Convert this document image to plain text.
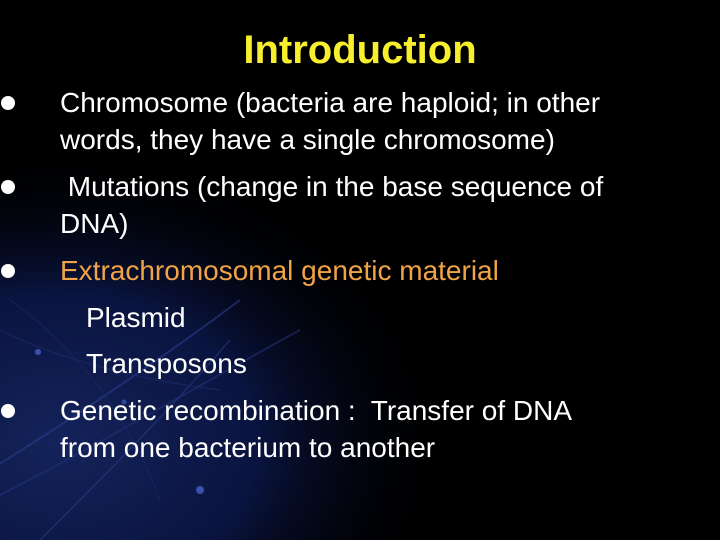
Introduction
Chromosome (bacteria are haploid; in other
words, they have a single chromosome)
Mutations (change in the base sequence of
DNA)
Extrachromosomal genetic material
Plasmid
Transposons
Genetic recombination :  Transfer of DNA
from one bacterium to another
